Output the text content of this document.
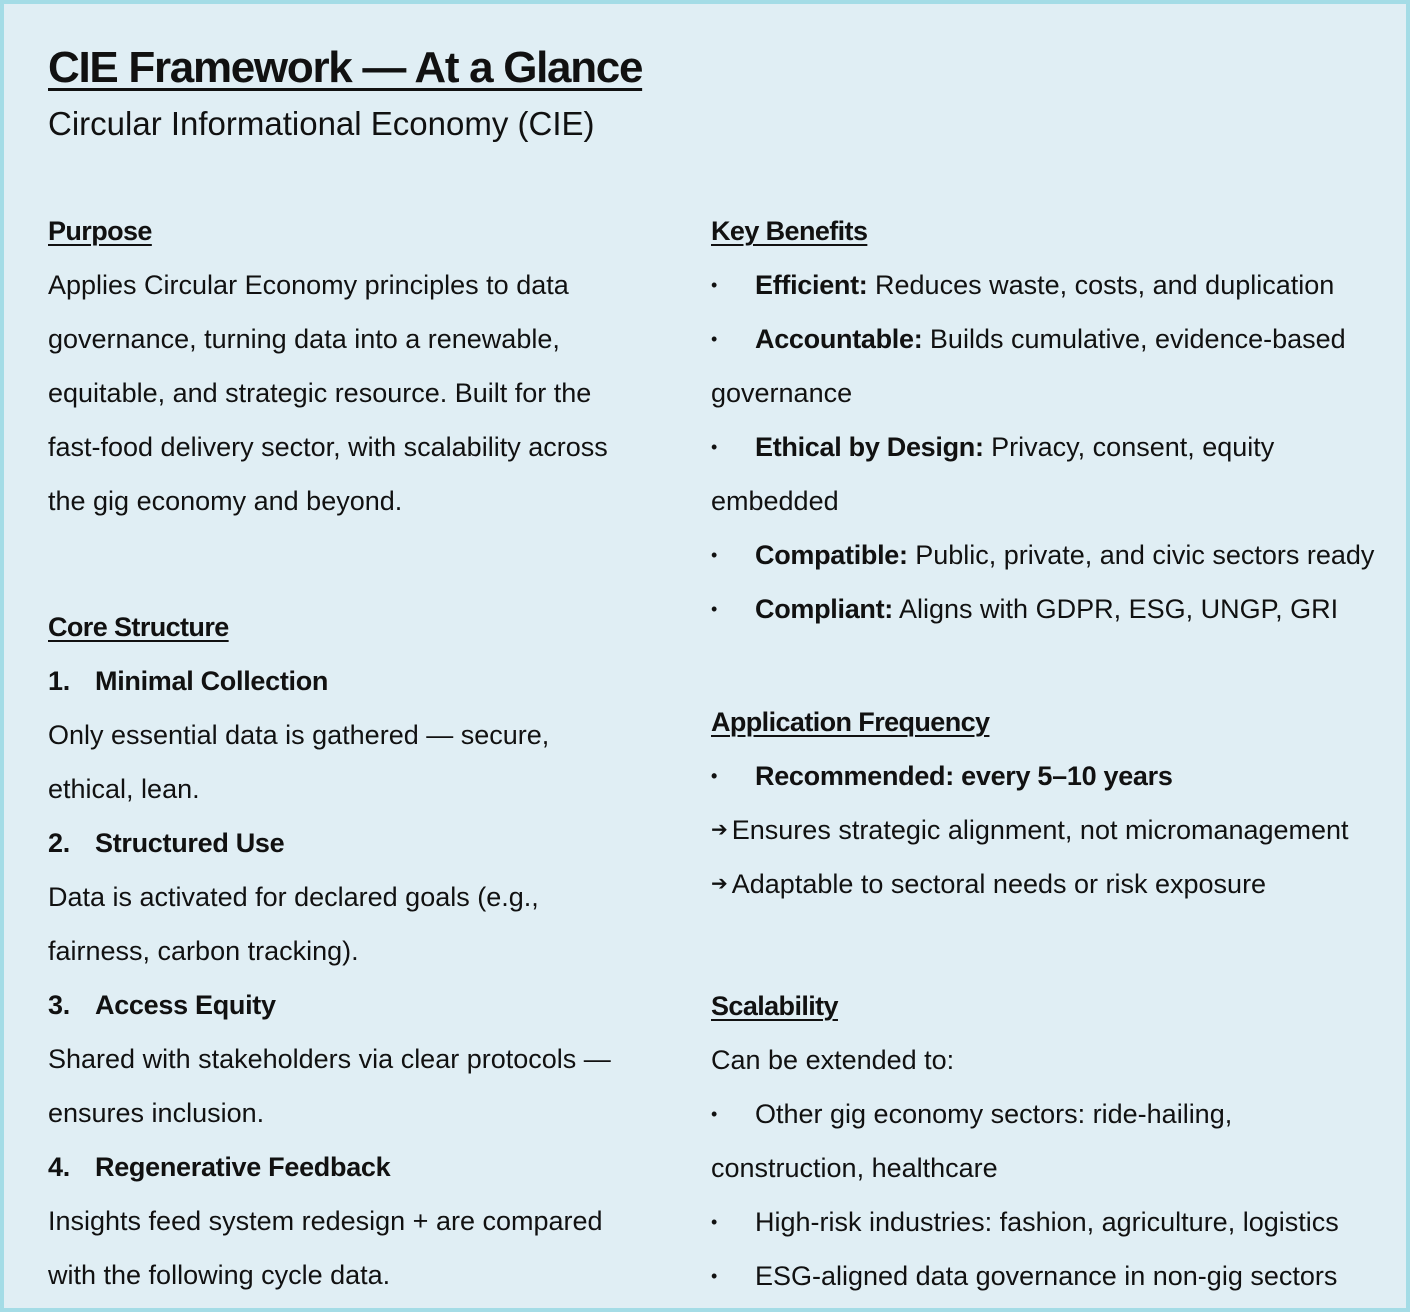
CIE Framework — At a Glance
Circular Informational Economy (CIE)
Purpose
Applies Circular Economy principles to data
governance, turning data into a renewable,
equitable, and strategic resource. Built for the
fast-food delivery sector, with scalability across
the gig economy and beyond.
Core Structure
1. Minimal Collection
Only essential data is gathered — secure,
ethical, lean.
2. Structured Use
Data is activated for declared goals (e.g.,
fairness, carbon tracking).
3. Access Equity
Shared with stakeholders via clear protocols —
ensures inclusion.
4. Regenerative Feedback
Insights feed system redesign + are compared
with the following cycle data.
Key Benefits
• Efficient: Reduces waste, costs, and duplication
• Accountable: Builds cumulative, evidence-based
governance
• Ethical by Design: Privacy, consent, equity
embedded
• Compatible: Public, private, and civic sectors ready
• Compliant: Aligns with GDPR, ESG, UNGP, GRI
Application Frequency
• Recommended: every 5–10 years
➔ Ensures strategic alignment, not micromanagement
➔ Adaptable to sectoral needs or risk exposure
Scalability
Can be extended to:
• Other gig economy sectors: ride-hailing,
construction, healthcare
• High-risk industries: fashion, agriculture, logistics
• ESG-aligned data governance in non-gig sectors
